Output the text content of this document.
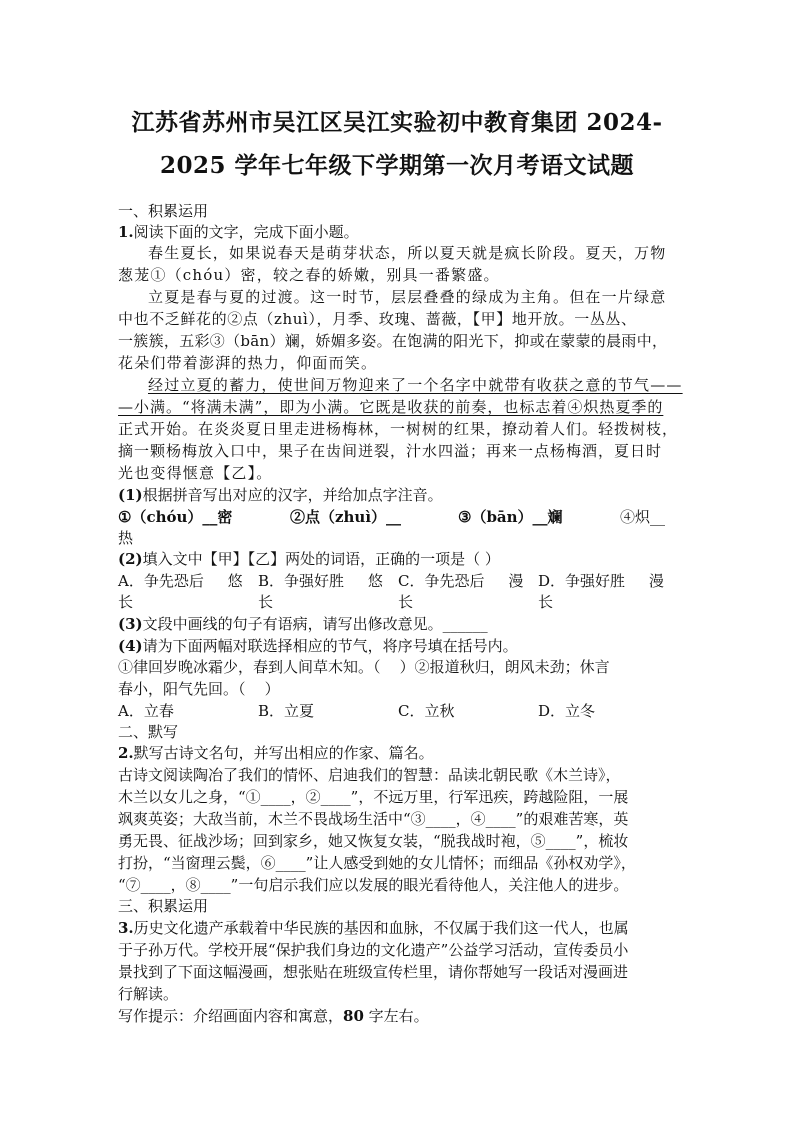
江苏省苏州市吴江区吴江实验初中教育集团 2024-
2025 学年七年级下学期第一次月考语文试题
一、积累运用
1.阅读下面的文字，完成下面小题。
春生夏长，如果说春天是萌芽状态，所以夏天就是疯长阶段。夏天，万物
葱茏①（chóu）密，较之春的娇嫩，别具一番繁盛。
立夏是春与夏的过渡。这一时节，层层叠叠的绿成为主角。但在一片绿意
中也不乏鲜花的②点（zhuì），月季、玫瑰、蔷薇，【甲】地开放。一丛丛、
一簇簇，五彩③（bān）斓，娇媚多姿。在饱满的阳光下，抑或在蒙蒙的晨雨中，
花朵们带着澎湃的热力，仰面而笑。
经过立夏的蓄力，使世间万物迎来了一个名字中就带有收获之意的节气——
—小满。“将满未满”，即为小满。它既是收获的前奏，也标志着④炽热夏季的
正式开始。在炎炎夏日里走进杨梅林，一树树的红果，撩动着人们。轻拨树枝，
摘一颗杨梅放入口中，果子在齿间迸裂，汁水四溢；再来一点杨梅酒，夏日时
光也变得惬意【乙】。
(1)根据拼音写出对应的汉字，并给加点字注音。
①（chóu）__密	②点（zhuì）__	③（bān）__斓	④炽__
热
(2)填入文中【甲】【乙】两处的词语，正确的一项是（ ）
A．争先恐后     悠 B．争强好胜     悠 C．争先恐后     漫 D．争强好胜     漫
长	长	长	长
(3)文段中画线的句子有语病，请写出修改意见。______
(4)请为下面两幅对联选择相应的节气，将序号填在括号内。
①律回岁晚冰霜少，春到人间草木知。（    ）②报道秋归，朗风未劲；休言
春小，阳气先回。（    ）
A．立春	B．立夏	C．立秋	D．立冬
二、默写
2.默写古诗文名句，并写出相应的作家、篇名。
古诗文阅读陶冶了我们的情怀、启迪我们的智慧：品读北朝民歌《木兰诗》，
木兰以女儿之身，“①____，②____”，不远万里，行军迅疾，跨越险阻，一展
飒爽英姿；大敌当前，木兰不畏战场生活中“③____，④____”的艰难苦寒，英
勇无畏、征战沙场；回到家乡，她又恢复女装，“脱我战时袍，⑤____”，梳妆
打扮，“当窗理云鬓，⑥____”让人感受到她的女儿情怀；而细品《孙权劝学》，
“⑦____，⑧____”一句启示我们应以发展的眼光看待他人，关注他人的进步。
三、积累运用
3.历史文化遗产承载着中华民族的基因和血脉，不仅属于我们这一代人，也属
于子孙万代。学校开展“保护我们身边的文化遗产”公益学习活动，宣传委员小
景找到了下面这幅漫画，想张贴在班级宣传栏里，请你帮她写一段话对漫画进
行解读。
写作提示：介绍画面内容和寓意，80 字左右。
